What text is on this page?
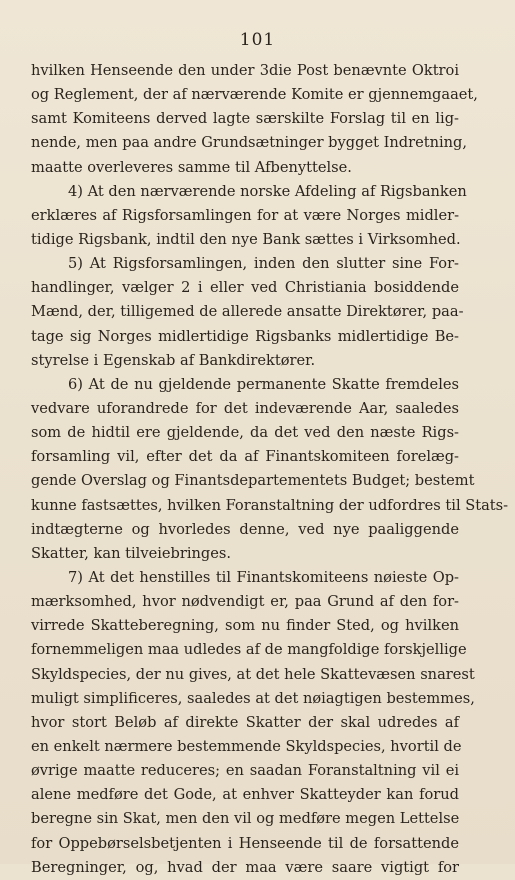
101
hvilken Henseende den under 3die Post benævnte Oktroi
og Reglement, der af nærværende Komite er gjennemgaaet,
samt Komiteens derved lagte særskilte Forslag til en lig-
nende, men paa andre Grundsætninger bygget Indretning,
maatte overleveres samme til Afbenyttelse.
4) At den nærværende norske Afdeling af Rigsbanken
erklæres af Rigsforsamlingen for at være Norges midler-
tidige Rigsbank, indtil den nye Bank sættes i Virksomhed.
5) At Rigsforsamlingen, inden den slutter sine For-
handlinger, vælger 2 i eller ved Christiania bosiddende
Mænd, der, tilligemed de allerede ansatte Direktører, paa-
tage sig Norges midlertidige Rigsbanks midlertidige Be-
styrelse i Egenskab af Bankdirektører.
6) At de nu gjeldende permanente Skatte fremdeles
vedvare uforandrede for det indeværende Aar, saaledes
som de hidtil ere gjeldende, da det ved den næste Rigs-
forsamling vil, efter det da af Finantskomiteen forelæg-
gende Overslag og Finantsdepartementets Budget; bestemt
kunne fastsættes, hvilken Foranstaltning der udfordres til Stats-
indtægterne og hvorledes denne, ved nye paaliggende
Skatter, kan tilveiebringes.
7) At det henstilles til Finantskomiteens nøieste Op-
mærksomhed, hvor nødvendigt er, paa Grund af den for-
virrede Skatteberegning, som nu finder Sted, og hvilken
fornemmeligen maa udledes af de mangfoldige forskjellige
Skyldspecies, der nu gives, at det hele Skattevæsen snarest
muligt simplificeres, saaledes at det nøiagtigen bestemmes,
hvor stort Beløb af direkte Skatter der skal udredes af
en enkelt nærmere bestemmende Skyldspecies, hvortil de
øvrige maatte reduceres; en saadan Foranstaltning vil ei
alene medføre det Gode, at enhver Skatteyder kan forud
beregne sin Skat, men den vil og medføre megen Lettelse
for Oppebørselsbetjenten i Henseende til de forsattende
Beregninger, og, hvad der maa være saare vigtigt for
